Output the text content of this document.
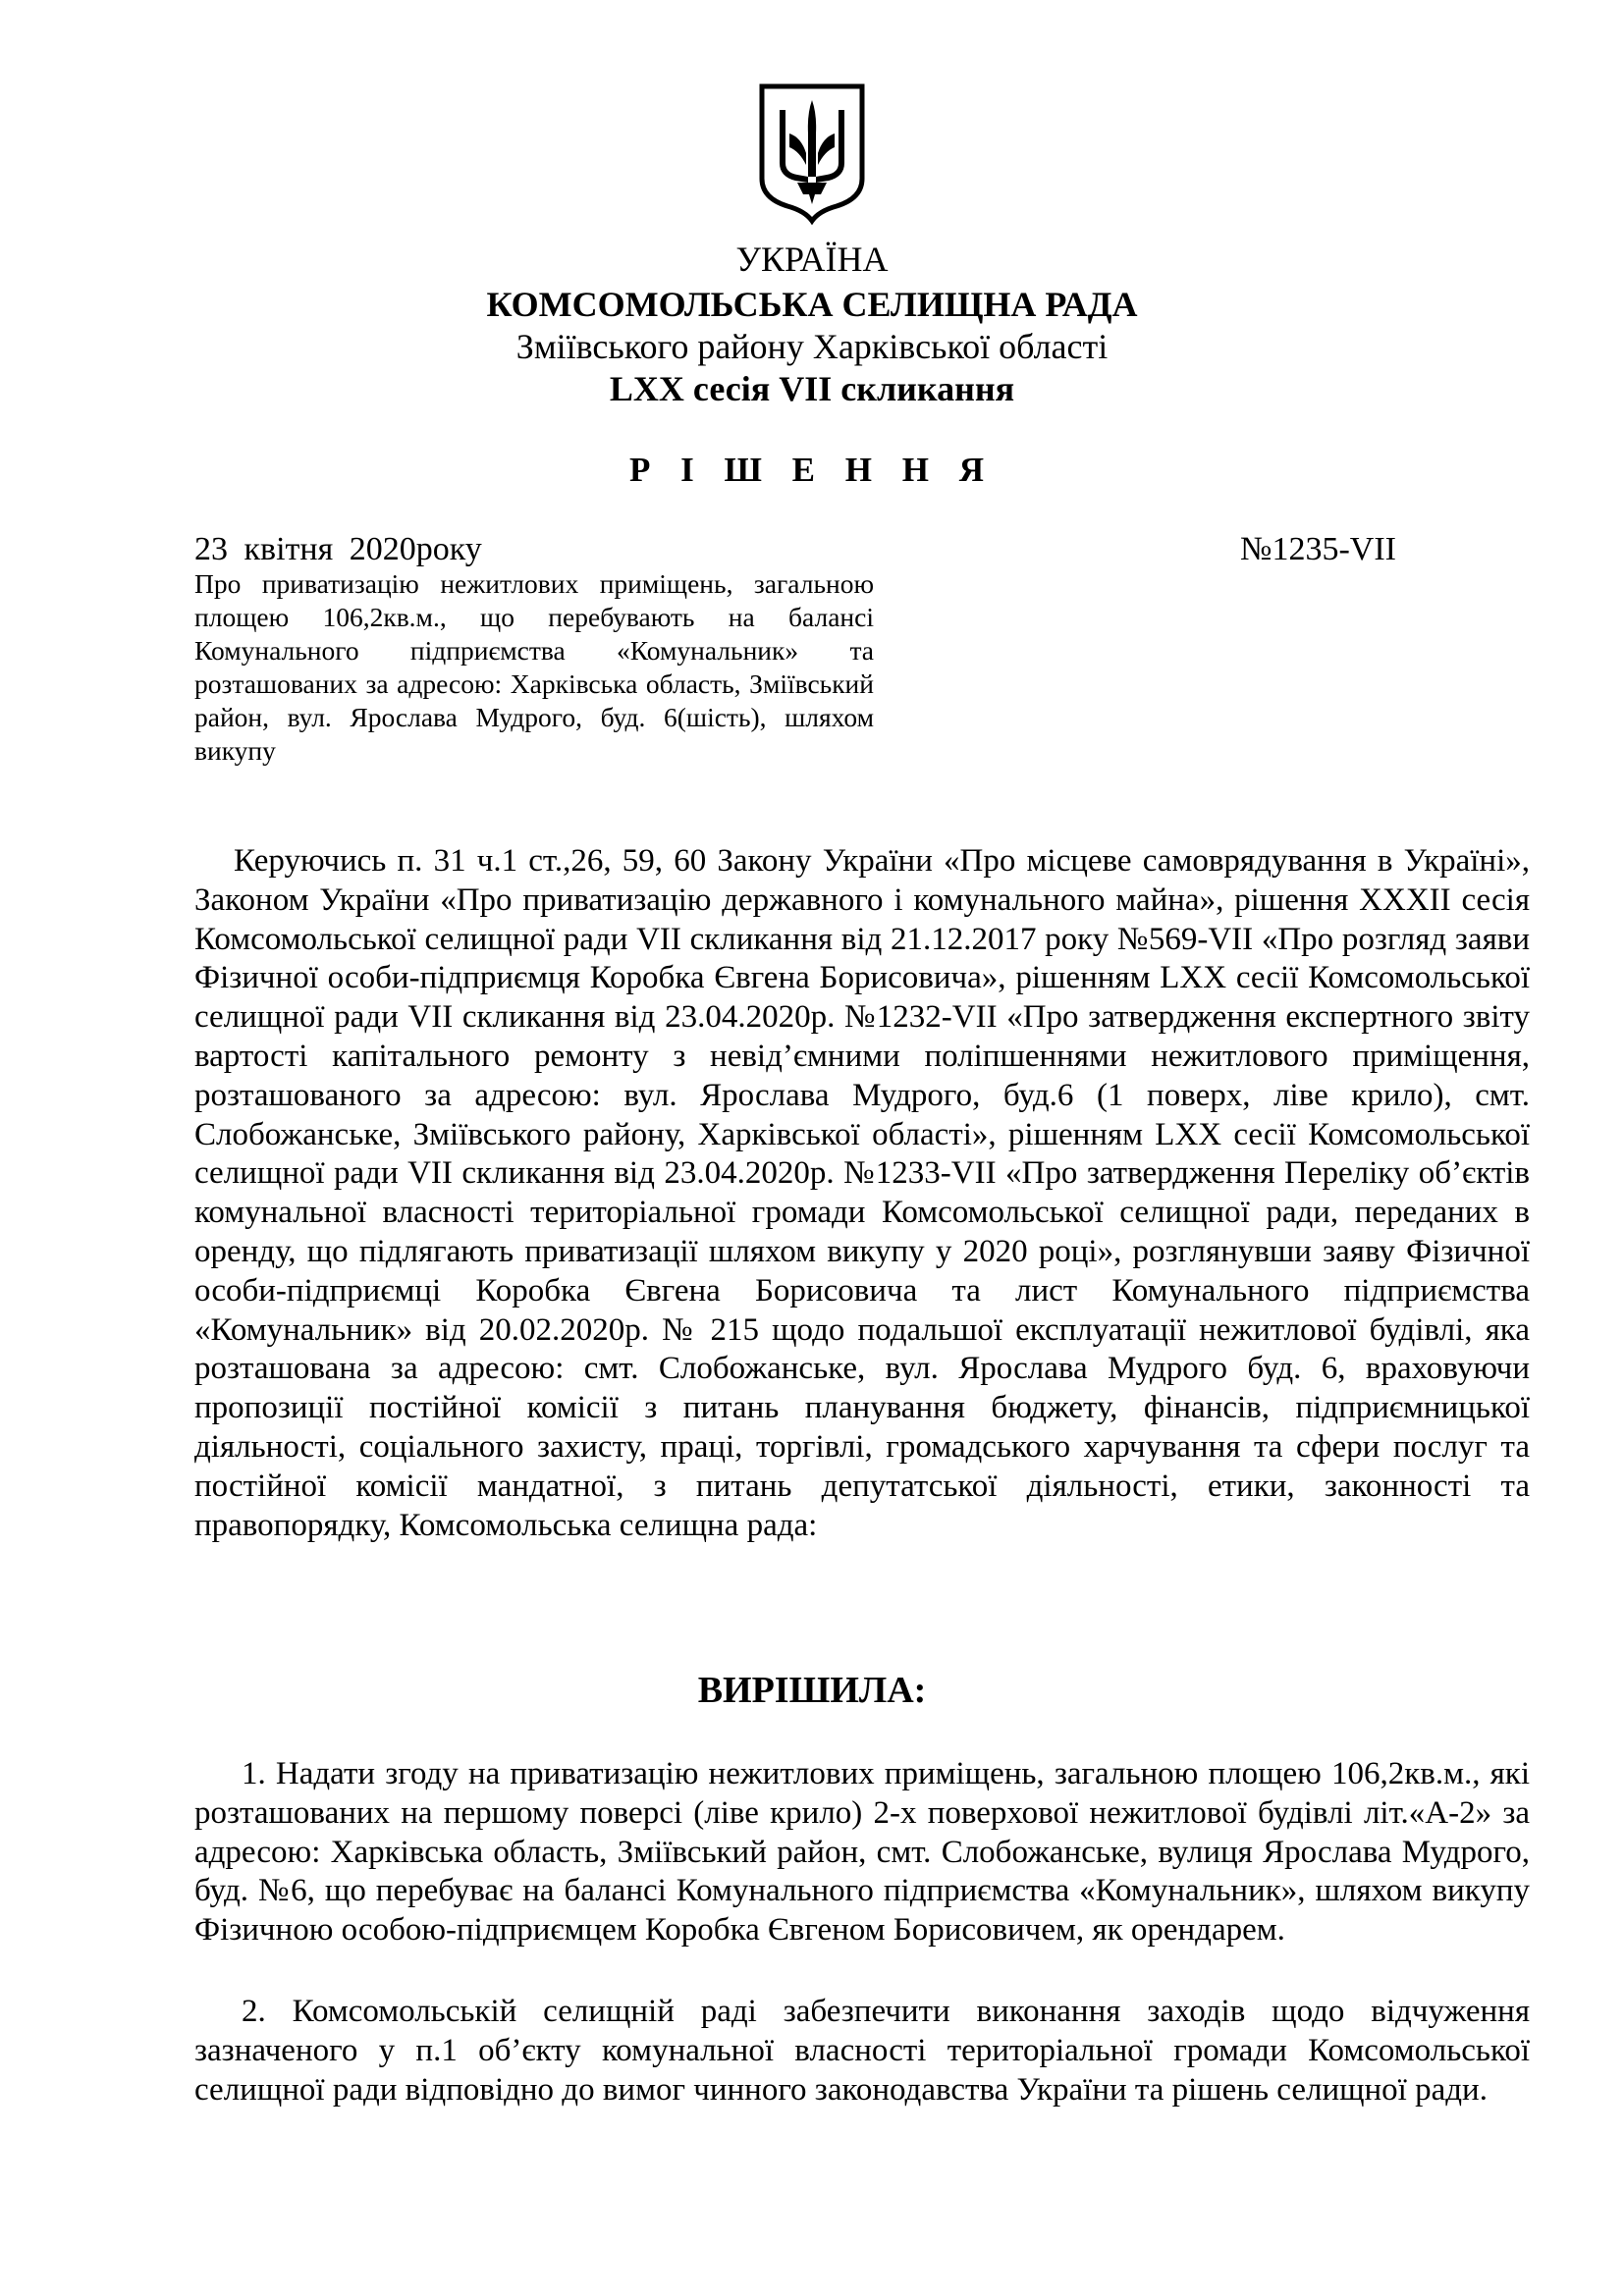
УКРАЇНА
КОМСОМОЛЬСЬКА СЕЛИЩНА РАДА
Зміївського району Харківської області
LXX сесія VІІ скликання
Р І Ш Е Н Н Я
23 квітня 2020року	№1235-VІІ
Про приватизацію нежитлових приміщень, загальною площею 106,2кв.м., що перебувають на балансі Комунального підприємства «Комунальник» та розташованих за адресою: Харківська область, Зміївський район, вул. Ярослава Мудрого, буд. 6(шість), шляхом викупу
Керуючись п. 31 ч.1 ст.,26, 59, 60 Закону України «Про місцеве самоврядування в Україні», Законом України «Про приватизацію державного і комунального майна», рішення ХХХІІ сесія Комсомольської селищної ради VII скликання від 21.12.2017 року №569-VII «Про розгляд заяви Фізичної особи-підприємця Коробка Євгена Борисовича», рішенням LXX сесії Комсомольської селищної ради VII скликання від 23.04.2020р. №1232-VII «Про затвердження експертного звіту вартості капітального ремонту з невід’ємними поліпшеннями нежитлового приміщення, розташованого за адресою: вул. Ярослава Мудрого, буд.6 (1 поверх, ліве крило), смт. Слобожанське, Зміївського району, Харківської області», рішенням LXX сесії Комсомольської селищної ради VII скликання від 23.04.2020р. №1233-VII «Про затвердження Переліку об’єктів комунальної власності територіальної громади Комсомольської селищної ради, переданих в оренду, що підлягають приватизації шляхом викупу у 2020 році», розглянувши заяву Фізичної особи-підприємці Коробка Євгена Борисовича та лист Комунального підприємства «Комунальник» від 20.02.2020р. № 215 щодо подальшої експлуатації нежитлової будівлі, яка розташована за адресою: смт. Слобожанське, вул. Ярослава Мудрого буд. 6, враховуючи пропозиції постійної комісії з питань планування бюджету, фінансів, підприємницької діяльності, соціального захисту, праці, торгівлі, громадського харчування та сфери послуг та постійної комісії мандатної, з питань депутатської діяльності, етики, законності та правопорядку, Комсомольська селищна рада:
ВИРІШИЛА:
1. Надати згоду на приватизацію нежитлових приміщень, загальною площею 106,2кв.м., які розташованих на першому поверсі (ліве крило) 2-х поверхової нежитлової будівлі літ.«А-2» за адресою: Харківська область, Зміївський район, смт. Слобожанське, вулиця Ярослава Мудрого, буд. №6, що перебуває на балансі Комунального підприємства «Комунальник», шляхом викупу Фізичною особою-підприємцем Коробка Євгеном Борисовичем, як орендарем.
2. Комсомольській селищній раді забезпечити виконання заходів щодо відчуження зазначеного у п.1 об’єкту комунальної власності територіальної громади Комсомольської селищної ради відповідно до вимог чинного законодавства України та рішень селищної ради.
